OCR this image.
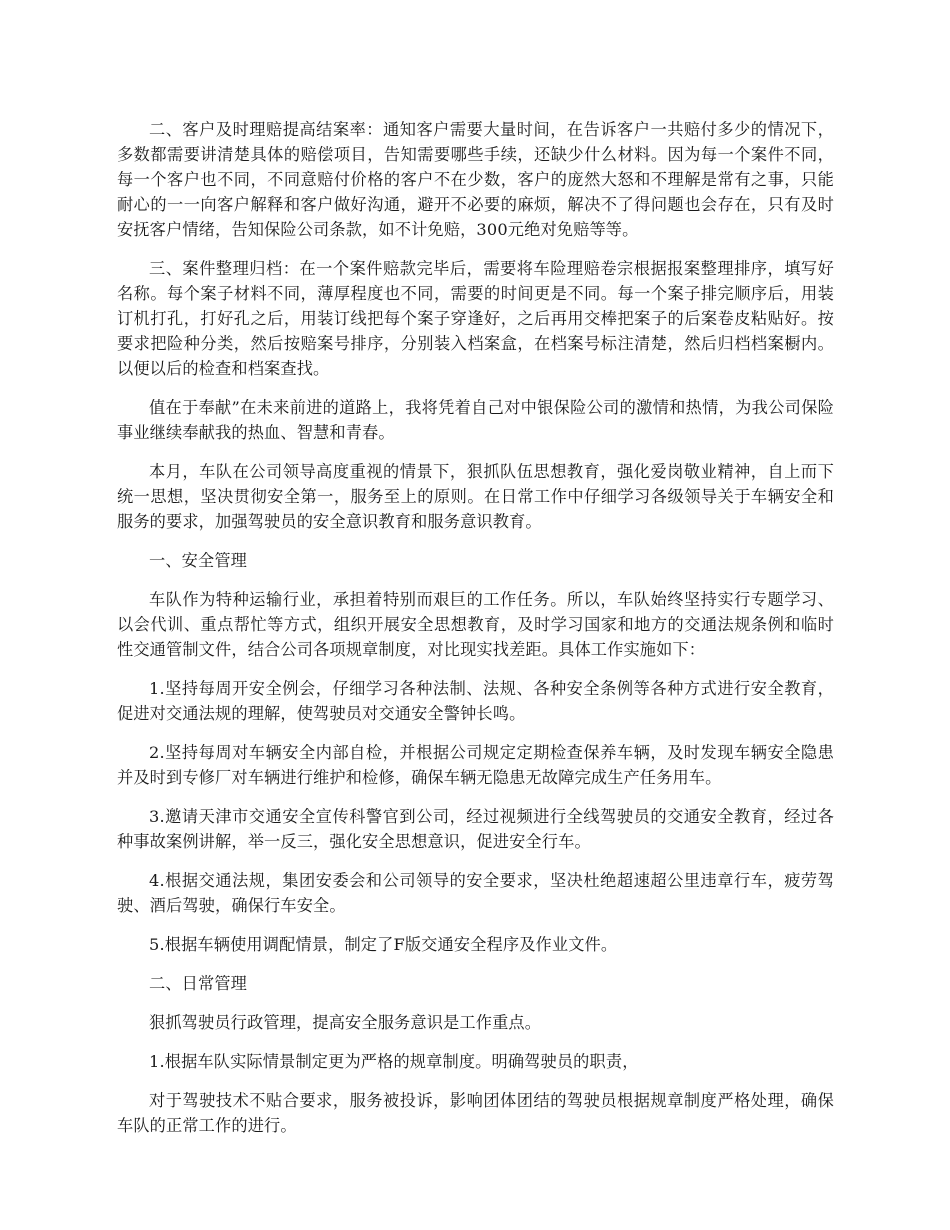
二、客户及时理赔提高结案率：通知客户需要大量时间，在告诉客户一共赔付多少的情况下，多数都需要讲清楚具体的赔偿项目，告知需要哪些手续，还缺少什么材料。因为每一个案件不同，每一个客户也不同，不同意赔付价格的客户不在少数，客户的庞然大怒和不理解是常有之事，只能耐心的一一向客户解释和客户做好沟通，避开不必要的麻烦，解决不了得问题也会存在，只有及时安抚客户情绪，告知保险公司条款，如不计免赔，300元绝对免赔等等。

三、案件整理归档：在一个案件赔款完毕后，需要将车险理赔卷宗根据报案整理排序，填写好名称。每个案子材料不同，薄厚程度也不同，需要的时间更是不同。每一个案子排完顺序后，用装订机打孔，打好孔之后，用装订线把每个案子穿逢好，之后再用交棒把案子的后案卷皮粘贴好。按要求把险种分类，然后按赔案号排序，分别装入档案盒，在档案号标注清楚，然后归档档案橱内。以便以后的检查和档案查找。

值在于奉献”在未来前进的道路上，我将凭着自己对中银保险公司的激情和热情，为我公司保险事业继续奉献我的热血、智慧和青春。

本月，车队在公司领导高度重视的情景下，狠抓队伍思想教育，强化爱岗敬业精神，自上而下统一思想，坚决贯彻安全第一，服务至上的原则。在日常工作中仔细学习各级领导关于车辆安全和服务的要求，加强驾驶员的安全意识教育和服务意识教育。

一、安全管理

车队作为特种运输行业，承担着特别而艰巨的工作任务。所以，车队始终坚持实行专题学习、以会代训、重点帮忙等方式，组织开展安全思想教育，及时学习国家和地方的交通法规条例和临时性交通管制文件，结合公司各项规章制度，对比现实找差距。具体工作实施如下：

1.坚持每周开安全例会，仔细学习各种法制、法规、各种安全条例等各种方式进行安全教育，促进对交通法规的理解，使驾驶员对交通安全警钟长鸣。

2.坚持每周对车辆安全内部自检，并根据公司规定定期检查保养车辆，及时发现车辆安全隐患并及时到专修厂对车辆进行维护和检修，确保车辆无隐患无故障完成生产任务用车。

3.邀请天津市交通安全宣传科警官到公司，经过视频进行全线驾驶员的交通安全教育，经过各种事故案例讲解，举一反三，强化安全思想意识，促进安全行车。

4.根据交通法规，集团安委会和公司领导的安全要求，坚决杜绝超速超公里违章行车，疲劳驾驶、酒后驾驶，确保行车安全。

5.根据车辆使用调配情景，制定了F版交通安全程序及作业文件。

二、日常管理

狠抓驾驶员行政管理，提高安全服务意识是工作重点。

1.根据车队实际情景制定更为严格的规章制度。明确驾驶员的职责，

对于驾驶技术不贴合要求，服务被投诉，影响团体团结的驾驶员根据规章制度严格处理，确保车队的正常工作的进行。
